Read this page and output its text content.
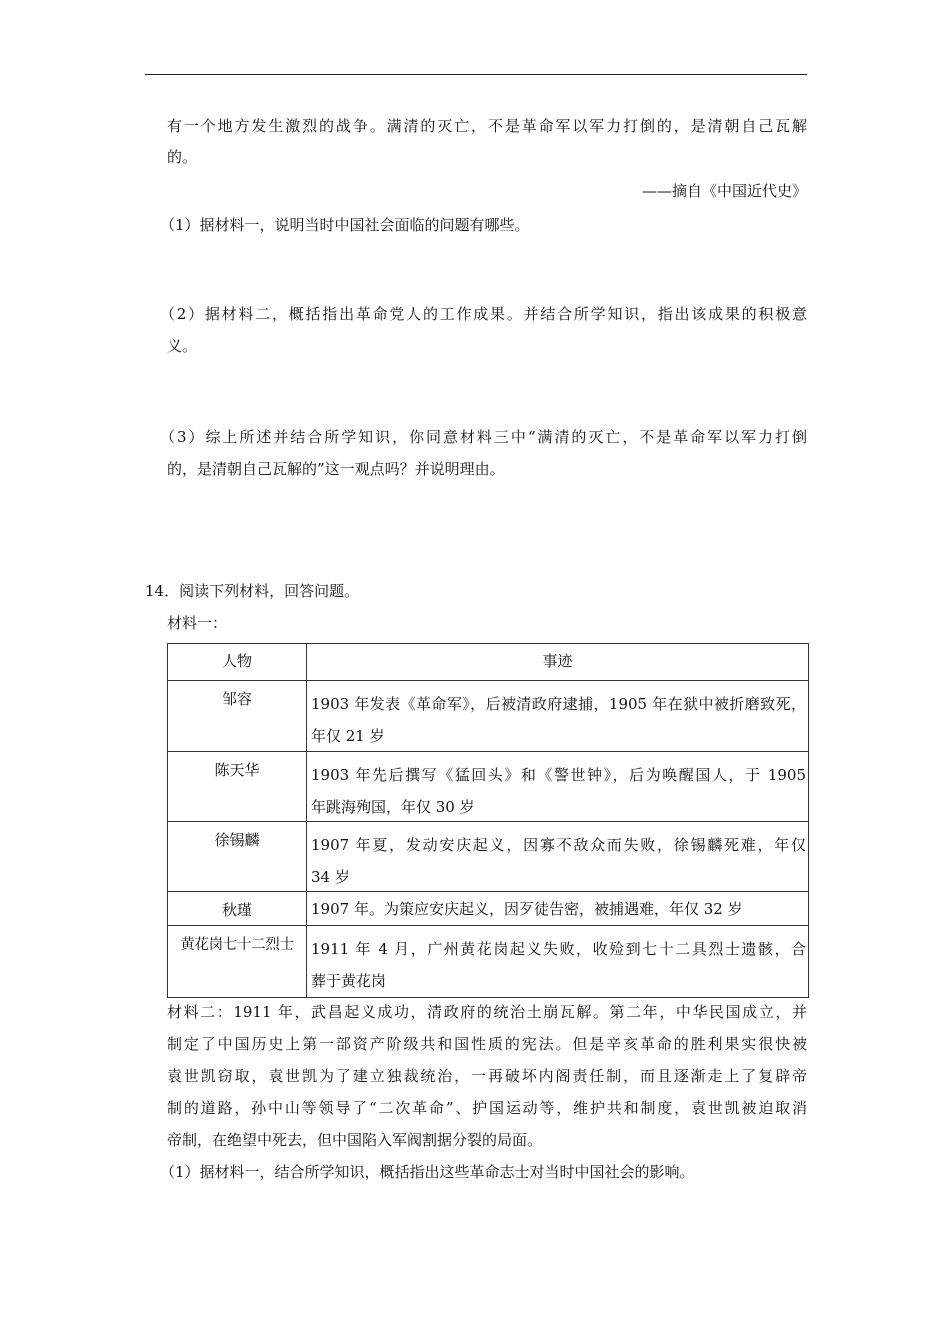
有一个地方发生激烈的战争。满清的灭亡，不是革命军以军力打倒的，是清朝自己瓦解
的。
——摘自《中国近代史》
（1）据材料一，说明当时中国社会面临的问题有哪些。
（2）据材料二，概括指出革命党人的工作成果。并结合所学知识，指出该成果的积极意
义。
（3）综上所述并结合所学知识，你同意材料三中“满清的灭亡，不是革命军以军力打倒
的，是清朝自己瓦解的”这一观点吗？并说明理由。
14．阅读下列材料，回答问题。
材料一：
人物	事迹
邹容	1903 年发表《革命军》，后被清政府逮捕，1905 年在狱中被折磨致死，
年仅 21 岁

陈天华	1903 年先后撰写《猛回头》和《警世钟》，后为唤醒国人，于 1905
年跳海殉国，年仅 30 岁

徐锡麟	1907 年夏，发动安庆起义，因寡不敌众而失败，徐锡麟死难，年仅
34 岁

秋瑾	1907 年。为策应安庆起义，因歹徒告密，被捕遇难，年仅 32 岁

黄花岗七十二烈士	1911 年 4 月，广州黄花岗起义失败，收殓到七十二具烈士遗骸，合
葬于黄花岗
材料二：1911 年，武昌起义成功，清政府的统治土崩瓦解。第二年，中华民国成立，并
制定了中国历史上第一部资产阶级共和国性质的宪法。但是辛亥革命的胜利果实很快被
袁世凯窃取，袁世凯为了建立独裁统治，一再破坏内阁责任制，而且逐渐走上了复辟帝
制的道路，孙中山等领导了“二次革命”、护国运动等，维护共和制度，袁世凯被迫取消
帝制，在绝望中死去，但中国陷入军阀割据分裂的局面。
（1）据材料一，结合所学知识，概括指出这些革命志士对当时中国社会的影响。
